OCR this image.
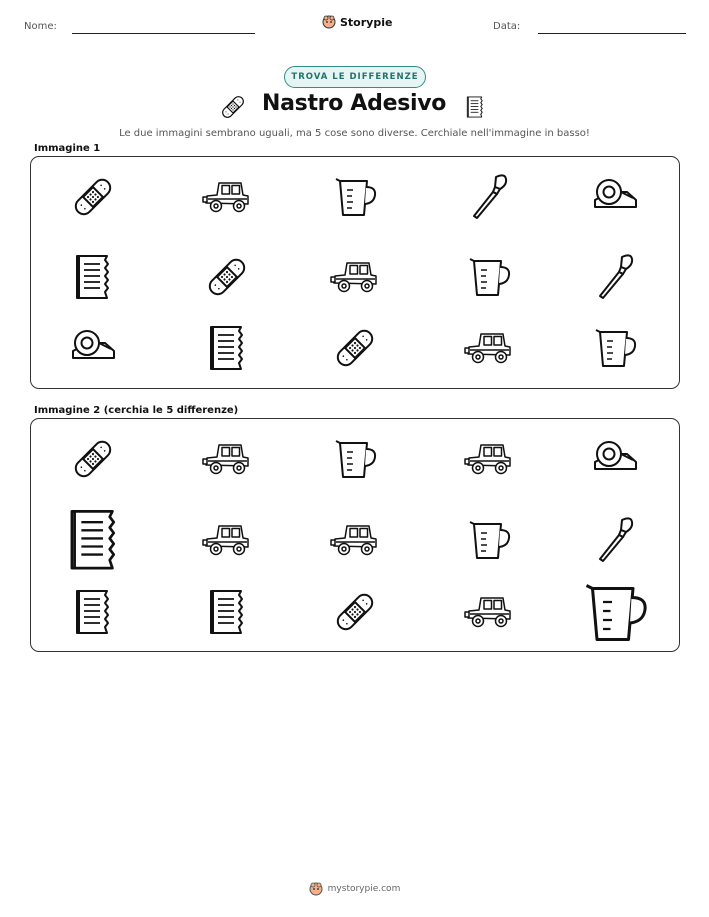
Nome:	Storypie	Data:
TROVA LE DIFFERENZE
Nastro Adesivo
Le due immagini sembrano uguali, ma 5 cose sono diverse. Cerchiale nell'immagine in basso!
Immagine 1
Immagine 2 (cerchia le 5 differenze)
mystorypie.com
